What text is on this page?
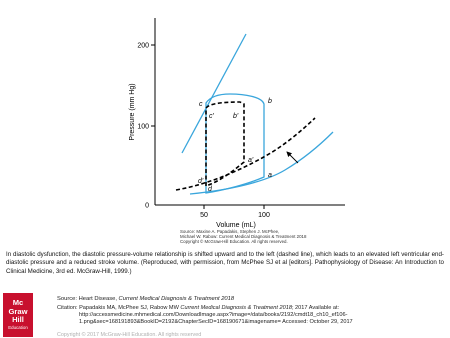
200
100
0
50	100
Pressure (mm Hg)
Volume (mL)
c
c'
b
b'
a'
a
d'
d
Source: Maxine A. Papadakis, Stephen J. McPhee,
Michael W. Rabow: Current Medical Diagnosis & Treatment 2018
Copyright © McGraw-Hill Education. All rights reserved.
In diastolic dysfunction, the diastolic pressure-volume relationship is shifted upward and to the left (dashed line), which leads to an elevated left ventricular end-diastolic pressure and a reduced stroke volume. (Reproduced, with permission, from McPhee SJ et al [editors]. Pathophysiology of Disease: An Introduction to Clinical Medicine, 3rd ed. McGraw-Hill, 1999.)
Mc
Graw
Hill
Education
Source: Heart Disease, Current Medical Diagnosis & Treatment 2018
Citation: Papadakis MA, McPhee SJ, Rabow MW Current Medical Diagnosis & Treatment 2018; 2017 Available at:
http://accessmedicine.mhmedical.com/DownloadImage.aspx?image=/data/books/2192/cmdt18_ch10_ef106-
1.png&sec=168191893&BookID=2192&ChapterSecID=168190671&imagename= Accessed: October 29, 2017
Copyright © 2017 McGraw-Hill Education. All rights reserved
